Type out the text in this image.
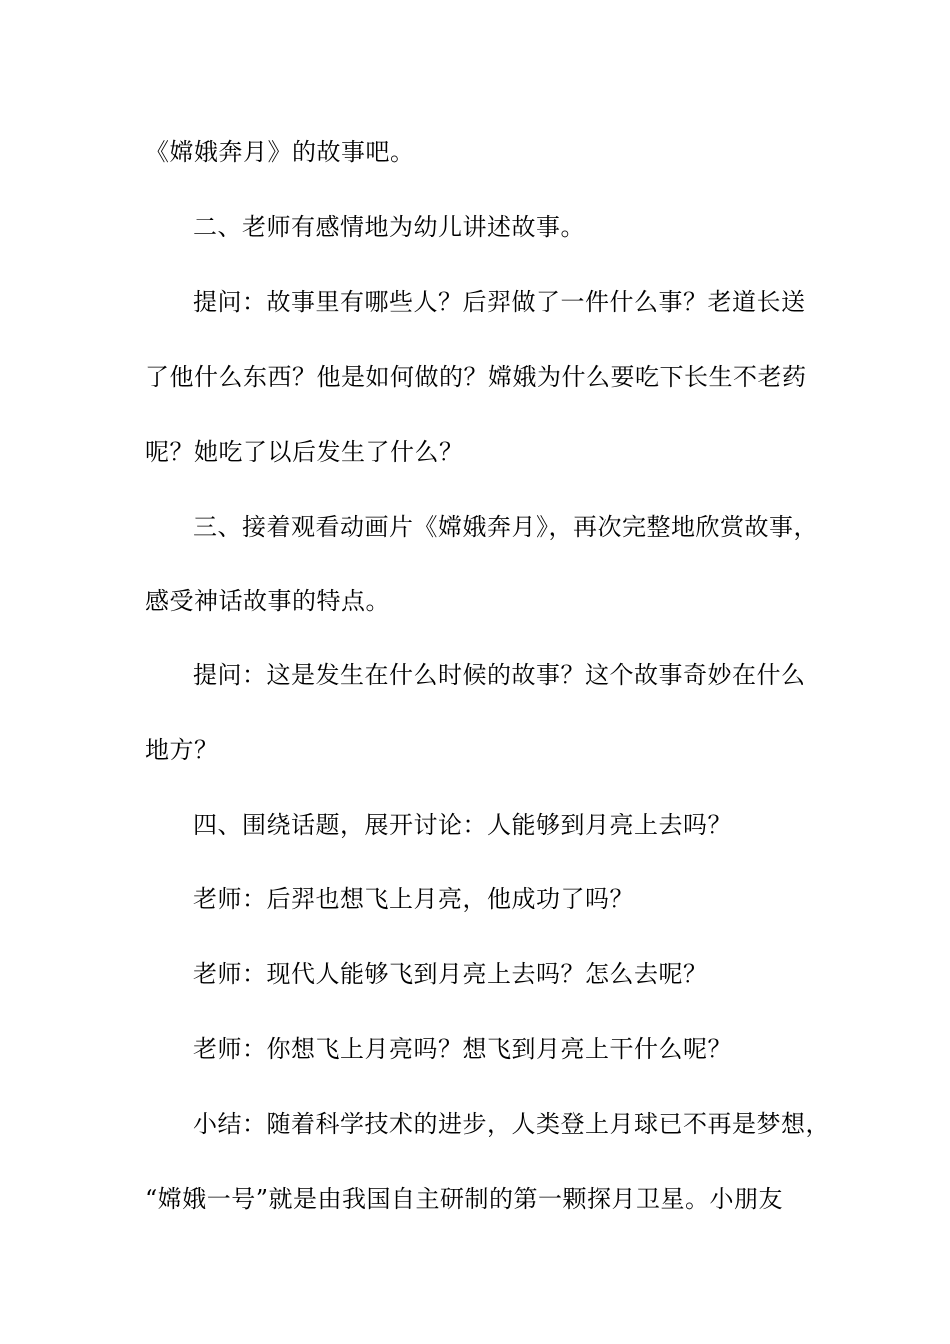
《嫦娥奔月》的故事吧。
二、老师有感情地为幼儿讲述故事。
提问：故事里有哪些人？后羿做了一件什么事？老道长送
了他什么东西？他是如何做的？嫦娥为什么要吃下长生不老药
呢？她吃了以后发生了什么？
三、接着观看动画片《嫦娥奔月》，再次完整地欣赏故事，
感受神话故事的特点。
提问：这是发生在什么时候的故事？这个故事奇妙在什么
地方？
四、围绕话题，展开讨论：人能够到月亮上去吗？
老师：后羿也想飞上月亮，他成功了吗？
老师：现代人能够飞到月亮上去吗？怎么去呢？
老师：你想飞上月亮吗？想飞到月亮上干什么呢？
小结：随着科学技术的进步，人类登上月球已不再是梦想，
“嫦娥一号”就是由我国自主研制的第一颗探月卫星。小朋友
